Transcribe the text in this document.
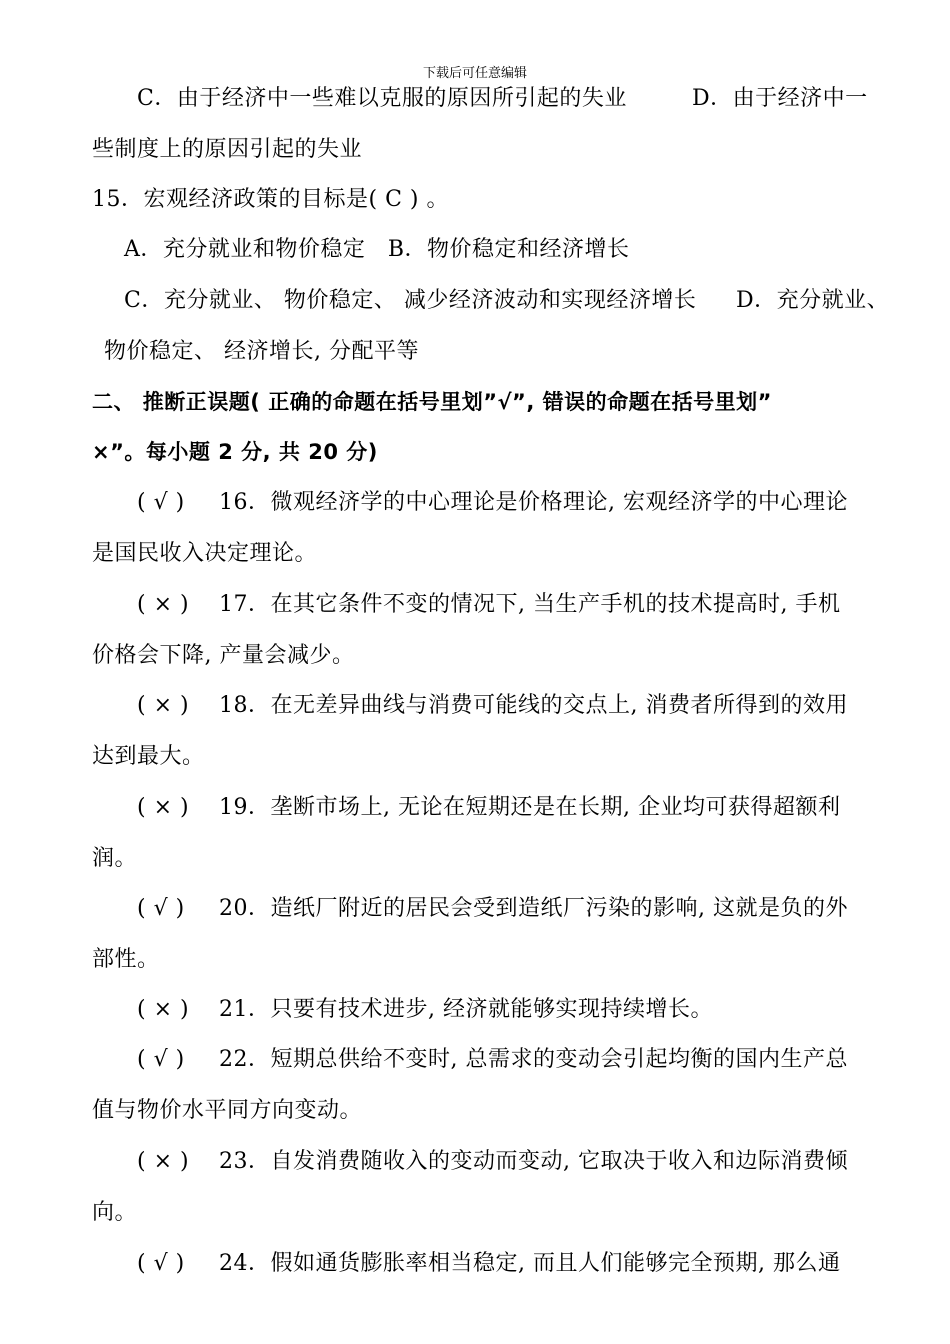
下载后可任意编辑
C．由于经济中一些难以克服的原因所引起的失业	D．由于经济中一
些制度上的原因引起的失业
15．宏观经济政策的目标是( C ) 。
A．充分就业和物价稳定 B．物价稳定和经济增长
C．充分就业、 物价稳定、 减少经济波动和实现经济增长 D．充分就业、
物价稳定、 经济增长, 分配平等
二、 推断正误题( 正确的命题在括号里划”√”, 错误的命题在括号里划”
×”。每小题 2 分, 共 20 分)
( √ ) 16．微观经济学的中心理论是价格理论, 宏观经济学的中心理论
是国民收入决定理论。
( × ) 17．在其它条件不变的情况下, 当生产手机的技术提高时, 手机
价格会下降, 产量会减少。
( × ) 18．在无差异曲线与消费可能线的交点上, 消费者所得到的效用
达到最大。
( × ) 19．垄断市场上, 无论在短期还是在长期, 企业均可获得超额利
润。
( √ ) 20．造纸厂附近的居民会受到造纸厂污染的影响, 这就是负的外
部性。
( × ) 21．只要有技术进步, 经济就能够实现持续增长。
( √ ) 22．短期总供给不变时, 总需求的变动会引起均衡的国内生产总
值与物价水平同方向变动。
( × ) 23．自发消费随收入的变动而变动, 它取决于收入和边际消费倾
向。
( √ ) 24．假如通货膨胀率相当稳定, 而且人们能够完全预期, 那么通
